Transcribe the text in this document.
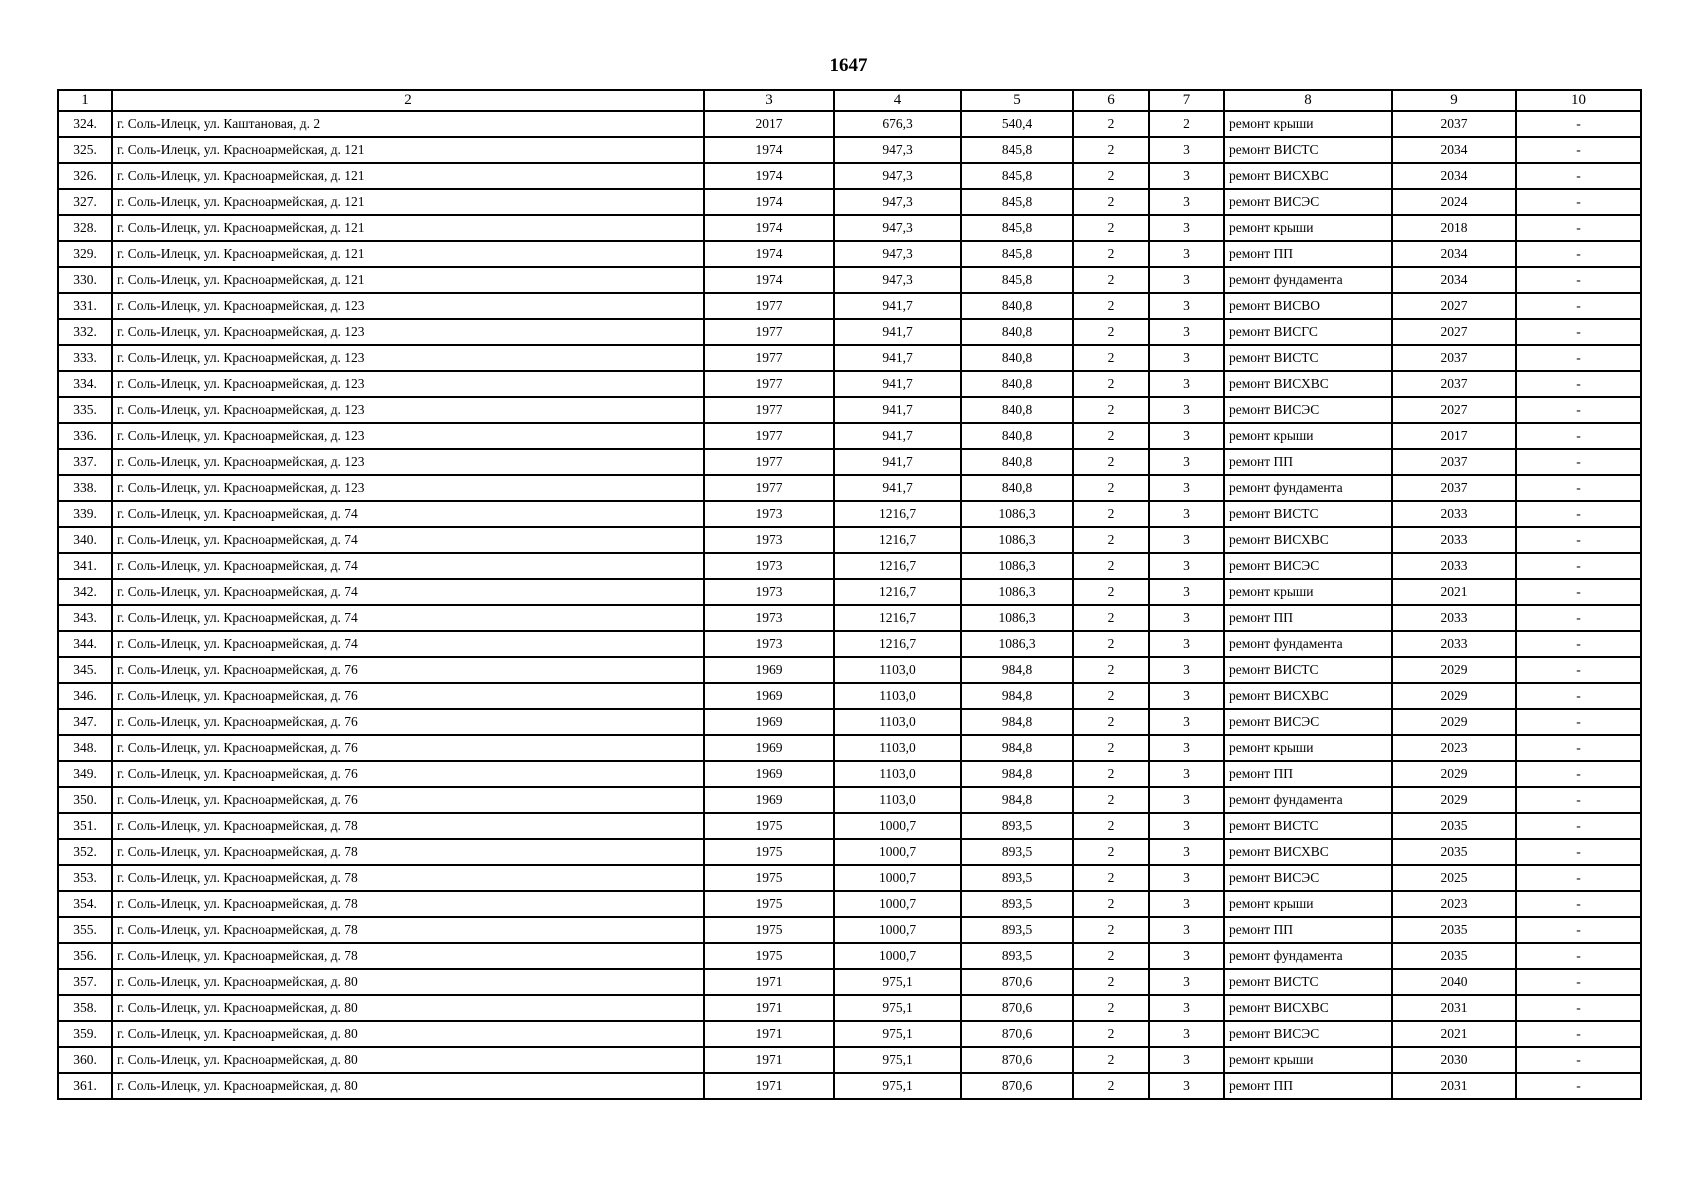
1647
1	2	3	4	5	6	7	8	9	10
324.	г. Соль-Илецк, ул. Каштановая, д. 2	2017	676,3	540,4	2	2	ремонт крыши	2037	-
325.	г. Соль-Илецк, ул. Красноармейская, д. 121	1974	947,3	845,8	2	3	ремонт ВИСТС	2034	-
326.	г. Соль-Илецк, ул. Красноармейская, д. 121	1974	947,3	845,8	2	3	ремонт ВИСХВС	2034	-
327.	г. Соль-Илецк, ул. Красноармейская, д. 121	1974	947,3	845,8	2	3	ремонт ВИСЭС	2024	-
328.	г. Соль-Илецк, ул. Красноармейская, д. 121	1974	947,3	845,8	2	3	ремонт крыши	2018	-
329.	г. Соль-Илецк, ул. Красноармейская, д. 121	1974	947,3	845,8	2	3	ремонт ПП	2034	-
330.	г. Соль-Илецк, ул. Красноармейская, д. 121	1974	947,3	845,8	2	3	ремонт фундамента	2034	-
331.	г. Соль-Илецк, ул. Красноармейская, д. 123	1977	941,7	840,8	2	3	ремонт ВИСВО	2027	-
332.	г. Соль-Илецк, ул. Красноармейская, д. 123	1977	941,7	840,8	2	3	ремонт ВИСГС	2027	-
333.	г. Соль-Илецк, ул. Красноармейская, д. 123	1977	941,7	840,8	2	3	ремонт ВИСТС	2037	-
334.	г. Соль-Илецк, ул. Красноармейская, д. 123	1977	941,7	840,8	2	3	ремонт ВИСХВС	2037	-
335.	г. Соль-Илецк, ул. Красноармейская, д. 123	1977	941,7	840,8	2	3	ремонт ВИСЭС	2027	-
336.	г. Соль-Илецк, ул. Красноармейская, д. 123	1977	941,7	840,8	2	3	ремонт крыши	2017	-
337.	г. Соль-Илецк, ул. Красноармейская, д. 123	1977	941,7	840,8	2	3	ремонт ПП	2037	-
338.	г. Соль-Илецк, ул. Красноармейская, д. 123	1977	941,7	840,8	2	3	ремонт фундамента	2037	-
339.	г. Соль-Илецк, ул. Красноармейская, д. 74	1973	1216,7	1086,3	2	3	ремонт ВИСТС	2033	-
340.	г. Соль-Илецк, ул. Красноармейская, д. 74	1973	1216,7	1086,3	2	3	ремонт ВИСХВС	2033	-
341.	г. Соль-Илецк, ул. Красноармейская, д. 74	1973	1216,7	1086,3	2	3	ремонт ВИСЭС	2033	-
342.	г. Соль-Илецк, ул. Красноармейская, д. 74	1973	1216,7	1086,3	2	3	ремонт крыши	2021	-
343.	г. Соль-Илецк, ул. Красноармейская, д. 74	1973	1216,7	1086,3	2	3	ремонт ПП	2033	-
344.	г. Соль-Илецк, ул. Красноармейская, д. 74	1973	1216,7	1086,3	2	3	ремонт фундамента	2033	-
345.	г. Соль-Илецк, ул. Красноармейская, д. 76	1969	1103,0	984,8	2	3	ремонт ВИСТС	2029	-
346.	г. Соль-Илецк, ул. Красноармейская, д. 76	1969	1103,0	984,8	2	3	ремонт ВИСХВС	2029	-
347.	г. Соль-Илецк, ул. Красноармейская, д. 76	1969	1103,0	984,8	2	3	ремонт ВИСЭС	2029	-
348.	г. Соль-Илецк, ул. Красноармейская, д. 76	1969	1103,0	984,8	2	3	ремонт крыши	2023	-
349.	г. Соль-Илецк, ул. Красноармейская, д. 76	1969	1103,0	984,8	2	3	ремонт ПП	2029	-
350.	г. Соль-Илецк, ул. Красноармейская, д. 76	1969	1103,0	984,8	2	3	ремонт фундамента	2029	-
351.	г. Соль-Илецк, ул. Красноармейская, д. 78	1975	1000,7	893,5	2	3	ремонт ВИСТС	2035	-
352.	г. Соль-Илецк, ул. Красноармейская, д. 78	1975	1000,7	893,5	2	3	ремонт ВИСХВС	2035	-
353.	г. Соль-Илецк, ул. Красноармейская, д. 78	1975	1000,7	893,5	2	3	ремонт ВИСЭС	2025	-
354.	г. Соль-Илецк, ул. Красноармейская, д. 78	1975	1000,7	893,5	2	3	ремонт крыши	2023	-
355.	г. Соль-Илецк, ул. Красноармейская, д. 78	1975	1000,7	893,5	2	3	ремонт ПП	2035	-
356.	г. Соль-Илецк, ул. Красноармейская, д. 78	1975	1000,7	893,5	2	3	ремонт фундамента	2035	-
357.	г. Соль-Илецк, ул. Красноармейская, д. 80	1971	975,1	870,6	2	3	ремонт ВИСТС	2040	-
358.	г. Соль-Илецк, ул. Красноармейская, д. 80	1971	975,1	870,6	2	3	ремонт ВИСХВС	2031	-
359.	г. Соль-Илецк, ул. Красноармейская, д. 80	1971	975,1	870,6	2	3	ремонт ВИСЭС	2021	-
360.	г. Соль-Илецк, ул. Красноармейская, д. 80	1971	975,1	870,6	2	3	ремонт крыши	2030	-
361.	г. Соль-Илецк, ул. Красноармейская, д. 80	1971	975,1	870,6	2	3	ремонт ПП	2031	-
